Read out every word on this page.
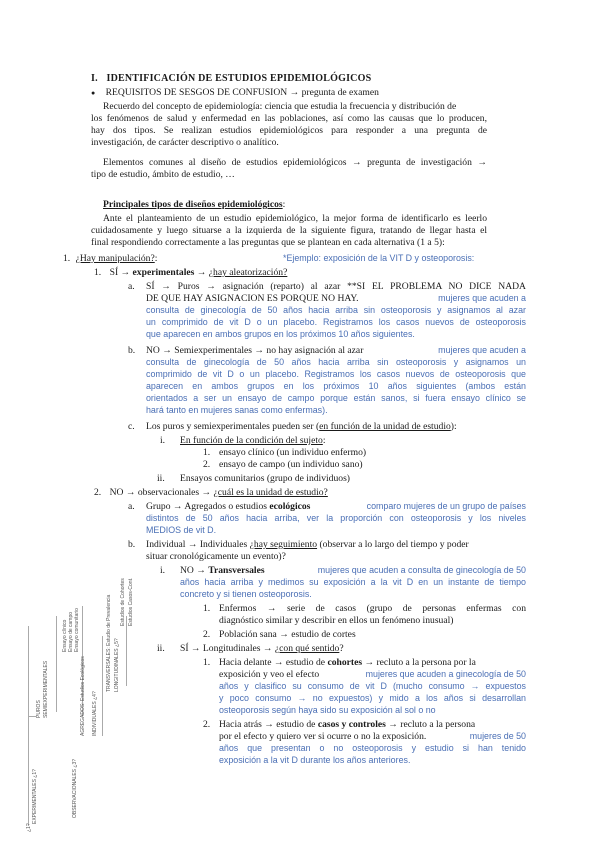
I. IDENTIFICACIÓN DE ESTUDIOS EPIDEMIOLÓGICOS
● REQUISITOS DE SESGOS DE CONFUSION → pregunta de examen
Recuerdo del concepto de epidemiología: ciencia que estudia la frecuencia y distribución de
los fenómenos de salud y enfermedad en las poblaciones, así como las causas que lo producen,
hay dos tipos. Se realizan estudios epidemiológicos para responder a una pregunta de
investigación, de carácter descriptivo o analítico.
Elementos comunes al diseño de estudios epidemiológicos → pregunta de investigación →
tipo de estudio, ámbito de estudio, …
Principales tipos de diseños epidemiológicos:
Ante el planteamiento de un estudio epidemiológico, la mejor forma de identificarlo es leerlo
cuidadosamente y luego situarse a la izquierda de la siguiente figura, tratando de llegar hasta el
final respondiendo correctamente a las preguntas que se plantean en cada alternativa (1 a 5):
1. ¿Hay manipulación?:	*Ejemplo: exposición de la VIT D y osteoporosis:
1. SÍ → experimentales → ¿hay aleatorización?
a. SÍ → Puros → asignación (reparto) al azar **SI EL PROBLEMA NO DICE NADA
DE QUE HAY ASIGNACION ES PORQUE NO HAY.	mujeres que acuden a
consulta de ginecología de 50 años hacia arriba sin osteoporosis y asignamos al azar
un comprimido de vit D o un placebo. Registramos los casos nuevos de osteoporosis
que aparecen en ambos grupos en los próximos 10 años siguientes.
b. NO → Semiexperimentales → no hay asignación al azar	mujeres que acuden a
consulta de ginecología de 50 años hacia arriba sin osteoporosis y asignamos un
comprimido de vit D o un placebo. Registramos los casos nuevos de osteoporosis que
aparecen en ambos grupos en los próximos 10 años siguientes (ambos están
orientados a ser un ensayo de campo porque están sanos, si fuera ensayo clínico se
hará tanto en mujeres sanas como enfermas).
c. Los puros y semiexperimentales pueden ser (en función de la unidad de estudio):
i. En función de la condición del sujeto:
1. ensayo clínico (un individuo enfermo)
2. ensayo de campo (un individuo sano)
ii. Ensayos comunitarios (grupo de individuos)
2. NO → observacionales → ¿cuál es la unidad de estudio?
a. Grupo → Agregados o estudios ecológicos	comparo mujeres de un grupo de países
distintos de 50 años hacia arriba, ver la proporción con osteoporosis y los niveles
MEDIOS de vit D.
b. Individual → Individuales ¿hay seguimiento (observar a lo largo del tiempo y poder
situar cronológicamente un evento)?
i. NO → Transversales	mujeres que acuden a consulta de ginecología de 50
años hacia arriba y medimos su exposición a la vit D en un instante de tiempo
concreto y si tienen osteoporosis.
1. Enfermos → serie de casos (grupo de personas enfermas con
diagnóstico similar y describir en ellos un fenómeno inusual)
2. Población sana → estudio de cortes
ii. SÍ → Longitudinales → ¿con qué sentido?
1. Hacia delante → estudio de cohortes → recluto a la persona por la
exposición y veo el efecto	mujeres que acuden a ginecología de 50
años y clasifico su consumo de vit D (mucho consumo → expuestos
y poco consumo → no expuestos) y mido a los años si desarrollan
osteoporosis según haya sido su exposición al sol o no
2. Hacia atrás → estudio de casos y controles → recluto a la persona
por el efecto y quiero ver si ocurre o no la exposición.	mujeres de 50
años que presentan o no osteoporosis y estudio si han tenido
exposición a la vit D durante los años anteriores.
EXPERIMENTALES ¿1?
PUROS SEMIEXPERIMENTALES
Ensayo clínico Ensayo de campo Ensayo comunitario
OBSERVACIONALES ¿3?
AGREGADOS: Estudios Ecológicos INDIVIDUALES ¿4?
TRANSVERSALES: Estudio de Prevalencia LONGITUDINALES ¿5?
Estudios de Cohortes Estudios Casos-Cont.
¿1?
